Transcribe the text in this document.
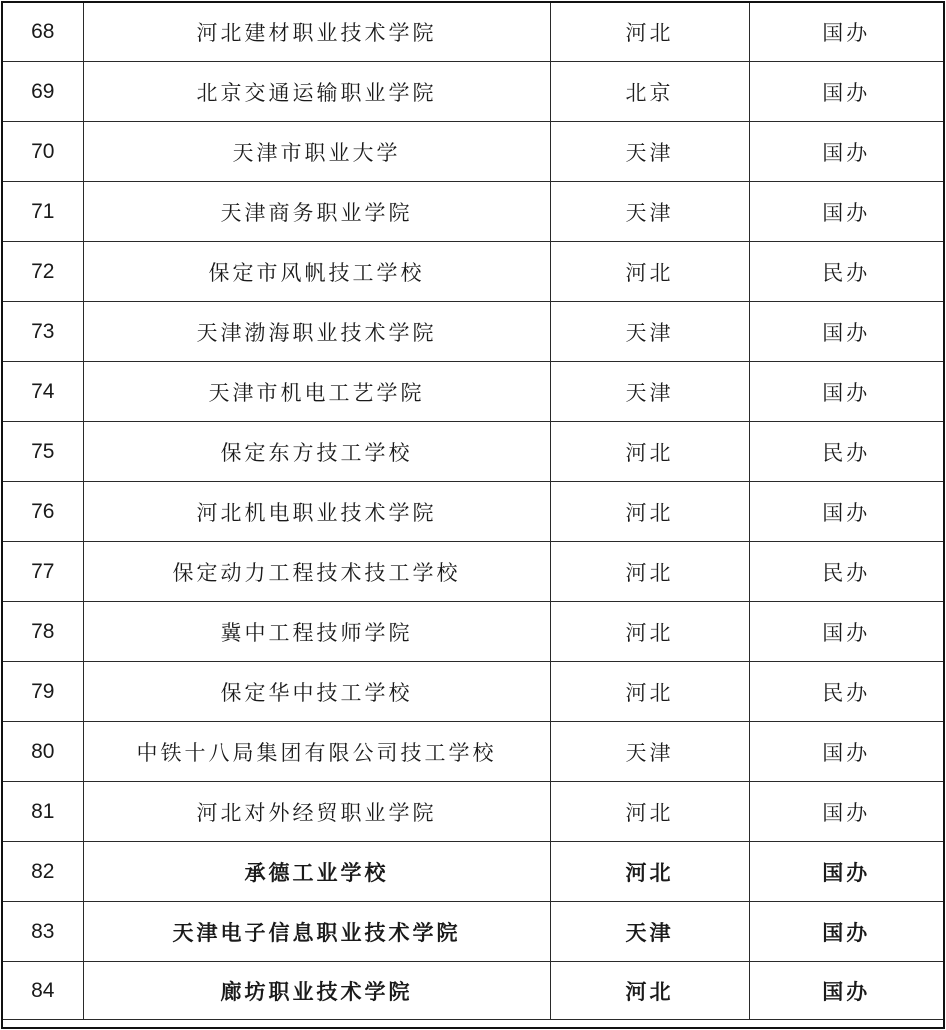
68	河北建材职业技术学院	河北	国办
69	北京交通运输职业学院	北京	国办
70	天津市职业大学	天津	国办
71	天津商务职业学院	天津	国办
72	保定市风帆技工学校	河北	民办
73	天津渤海职业技术学院	天津	国办
74	天津市机电工艺学院	天津	国办
75	保定东方技工学校	河北	民办
76	河北机电职业技术学院	河北	国办
77	保定动力工程技术技工学校	河北	民办
78	冀中工程技师学院	河北	国办
79	保定华中技工学校	河北	民办
80	中铁十八局集团有限公司技工学校	天津	国办
81	河北对外经贸职业学院	河北	国办
82	承德工业学校	河北	国办
83	天津电子信息职业技术学院	天津	国办
84	廊坊职业技术学院	河北	国办
